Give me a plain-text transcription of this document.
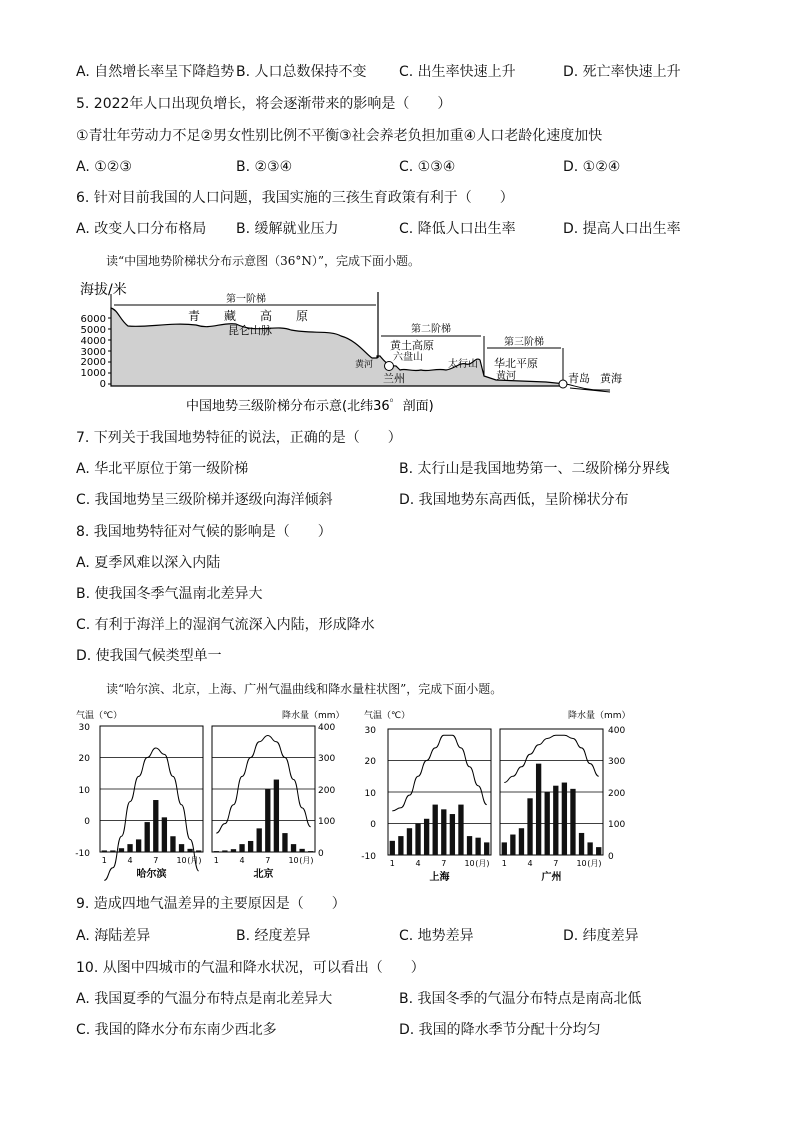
A. 自然增长率呈下降趋势 B. 人口总数保持不变 C. 出生率快速上升	D. 死亡率快速上升
5. 2022年人口出现负增长，将会逐渐带来的影响是（　　）
①青壮年劳动力不足②男女性别比例不平衡③社会养老负担加重④人口老龄化速度加快
A. ①②③	B. ②③④	C. ①③④	D. ①②④
6. 针对目前我国的人口问题，我国实施的三孩生育政策有利于（　　）
A. 改变人口分布格局 B. 缓解就业压力	C. 降低人口出生率	D. 提高人口出生率
读“中国地势阶梯状分布示意图（36°N）”，完成下面小题。
海拔/米
6000
5000
4000
3000
2000
1000
0
第一阶梯
第二阶梯
第三阶梯
青 藏 高 原
昆仑山脉
黄河
兰州
黄土高原
六盘山
太行山 华北平原
黄河	青岛 黄海
中国地势三级阶梯分布示意(北纬36゜剖面)
7. 下列关于我国地势特征的说法，正确的是（　　）
A. 华北平原位于第一级阶梯	B. 太行山是我国地势第一、二级阶梯分界线
C. 我国地势呈三级阶梯并逐级向海洋倾斜	D. 我国地势东高西低，呈阶梯状分布
8. 我国地势特征对气候的影响是（　　）
A. 夏季风难以深入内陆
B. 使我国冬季气温南北差异大
C. 有利于海洋上的湿润气流深入内陆，形成降水
D. 使我国气候类型单一
读“哈尔滨、北京，上海、广州气温曲线和降水量柱状图”，完成下面小题。
气温（℃）	降水量（mm） 气温（℃）	降水量（mm）
30
20
10
0
-10
400
300
200
100
0
30
20
10
0
-10
400
300
200
100
0
1	4	7 10 (月)
哈尔滨
1	4	7 10 (月)
北京
1	4	7 10 (月)
上海
1	4	7 10 (月)
广州
9. 造成四地气温差异的主要原因是（　　）
A. 海陆差异	B. 经度差异	C. 地势差异	D. 纬度差异
10. 从图中四城市的气温和降水状况，可以看出（　　）
A. 我国夏季的气温分布特点是南北差异大	B. 我国冬季的气温分布特点是南高北低
C. 我国的降水分布东南少西北多	D. 我国的降水季节分配十分均匀
